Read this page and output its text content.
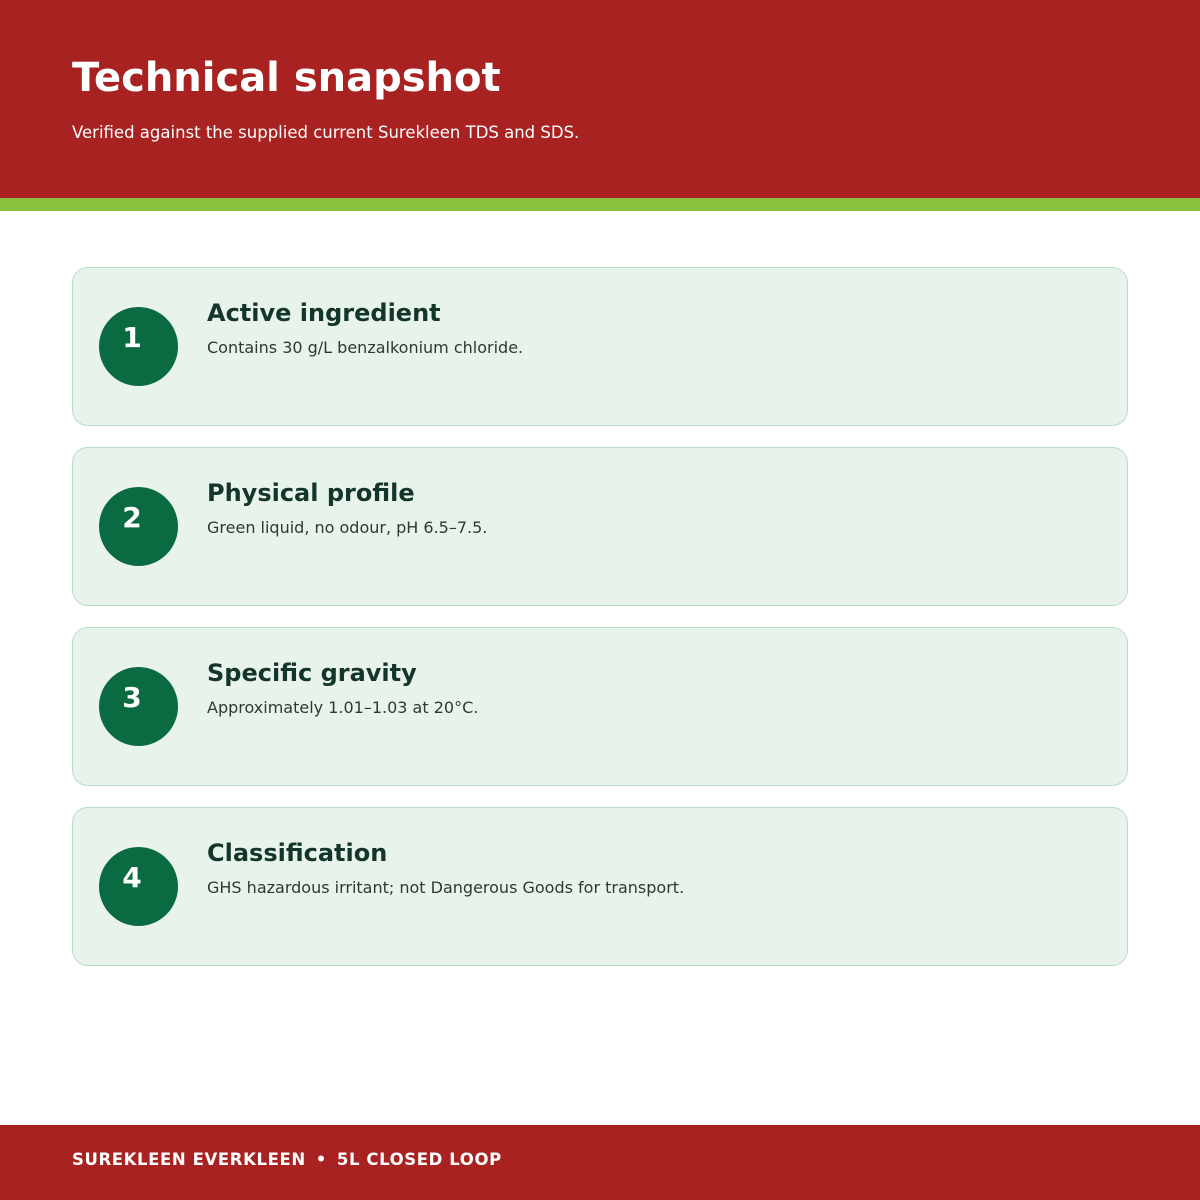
Technical snapshot

Verified against the supplied current Surekleen TDS and SDS.

1
Active ingredient

Contains 30 g/L benzalkonium chloride.

2
Physical profile

Green liquid, no odour, pH 6.5–7.5.

3
Specific gravity

Approximately 1.01–1.03 at 20°C.

4
Classification

GHS hazardous irritant; not Dangerous Goods for transport.

SUREKLEEN EVERKLEEN • 5L CLOSED LOOP
